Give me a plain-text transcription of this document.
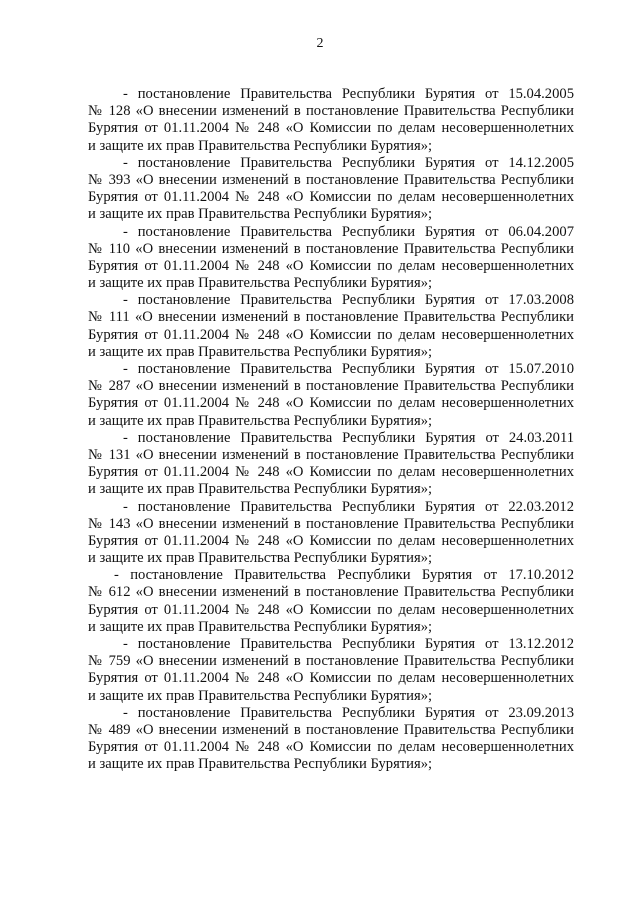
2

- постановление Правительства Республики Бурятия от 15.04.2005
№ 128 «О внесении изменений в постановление Правительства Республики
Бурятия от 01.11.2004 № 248 «О Комиссии по делам несовершеннолетних
и защите их прав Правительства Республики Бурятия»;

- постановление Правительства Республики Бурятия от 14.12.2005
№ 393 «О внесении изменений в постановление Правительства Республики
Бурятия от 01.11.2004 № 248 «О Комиссии по делам несовершеннолетних
и защите их прав Правительства Республики Бурятия»;

- постановление Правительства Республики Бурятия от 06.04.2007
№ 110 «О внесении изменений в постановление Правительства Республики
Бурятия от 01.11.2004 № 248 «О Комиссии по делам несовершеннолетних
и защите их прав Правительства Республики Бурятия»;

- постановление Правительства Республики Бурятия от 17.03.2008
№ 111 «О внесении изменений в постановление Правительства Республики
Бурятия от 01.11.2004 № 248 «О Комиссии по делам несовершеннолетних
и защите их прав Правительства Республики Бурятия»;

- постановление Правительства Республики Бурятия от 15.07.2010
№ 287 «О внесении изменений в постановление Правительства Республики
Бурятия от 01.11.2004 № 248 «О Комиссии по делам несовершеннолетних
и защите их прав Правительства Республики Бурятия»;

- постановление Правительства Республики Бурятия от 24.03.2011
№ 131 «О внесении изменений в постановление Правительства Республики
Бурятия от 01.11.2004 № 248 «О Комиссии по делам несовершеннолетних
и защите их прав Правительства Республики Бурятия»;

- постановление Правительства Республики Бурятия от 22.03.2012
№ 143 «О внесении изменений в постановление Правительства Республики
Бурятия от 01.11.2004 № 248 «О Комиссии по делам несовершеннолетних
и защите их прав Правительства Республики Бурятия»;

- постановление Правительства Республики Бурятия от 17.10.2012
№ 612 «О внесении изменений в постановление Правительства Республики
Бурятия от 01.11.2004 № 248 «О Комиссии по делам несовершеннолетних
и защите их прав Правительства Республики Бурятия»;

- постановление Правительства Республики Бурятия от 13.12.2012
№ 759 «О внесении изменений в постановление Правительства Республики
Бурятия от 01.11.2004 № 248 «О Комиссии по делам несовершеннолетних
и защите их прав Правительства Республики Бурятия»;

- постановление Правительства Республики Бурятия от 23.09.2013
№ 489 «О внесении изменений в постановление Правительства Республики
Бурятия от 01.11.2004 № 248 «О Комиссии по делам несовершеннолетних
и защите их прав Правительства Республики Бурятия»;
